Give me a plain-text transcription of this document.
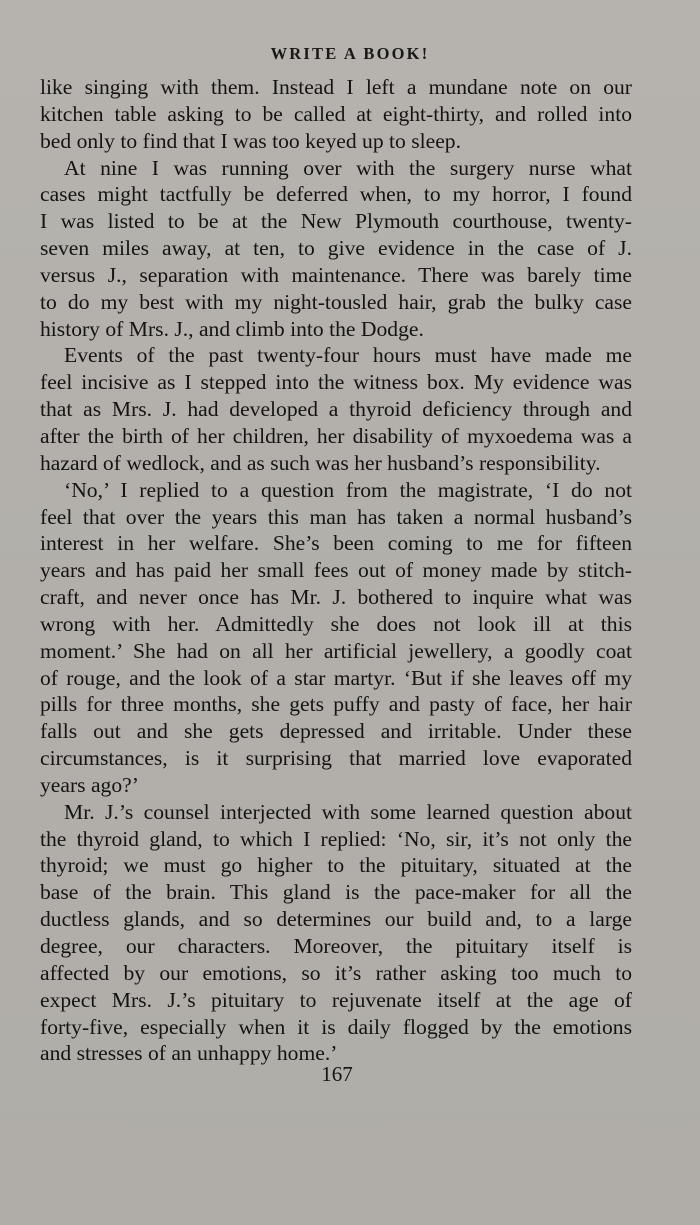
WRITE A BOOK!
like singing with them. Instead I left a mundane note on our
kitchen table asking to be called at eight-thirty, and rolled into
bed only to find that I was too keyed up to sleep.
At nine I was running over with the surgery nurse what
cases might tactfully be deferred when, to my horror, I found
I was listed to be at the New Plymouth courthouse, twenty-
seven miles away, at ten, to give evidence in the case of J.
versus J., separation with maintenance. There was barely time
to do my best with my night-tousled hair, grab the bulky case
history of Mrs. J., and climb into the Dodge.
Events of the past twenty-four hours must have made me
feel incisive as I stepped into the witness box. My evidence was
that as Mrs. J. had developed a thyroid deficiency through and
after the birth of her children, her disability of myxoedema was a
hazard of wedlock, and as such was her husband’s responsibility.
‘No,’ I replied to a question from the magistrate, ‘I do not
feel that over the years this man has taken a normal husband’s
interest in her welfare. She’s been coming to me for fifteen
years and has paid her small fees out of money made by stitch-
craft, and never once has Mr. J. bothered to inquire what was
wrong with her. Admittedly she does not look ill at this
moment.’ She had on all her artificial jewellery, a goodly coat
of rouge, and the look of a star martyr. ‘But if she leaves off my
pills for three months, she gets puffy and pasty of face, her hair
falls out and she gets depressed and irritable. Under these
circumstances, is it surprising that married love evaporated
years ago?’
Mr. J.’s counsel interjected with some learned question about
the thyroid gland, to which I replied: ‘No, sir, it’s not only the
thyroid; we must go higher to the pituitary, situated at the
base of the brain. This gland is the pace-maker for all the
ductless glands, and so determines our build and, to a large
degree, our characters. Moreover, the pituitary itself is
affected by our emotions, so it’s rather asking too much to
expect Mrs. J.’s pituitary to rejuvenate itself at the age of
forty-five, especially when it is daily flogged by the emotions
and stresses of an unhappy home.’
167
